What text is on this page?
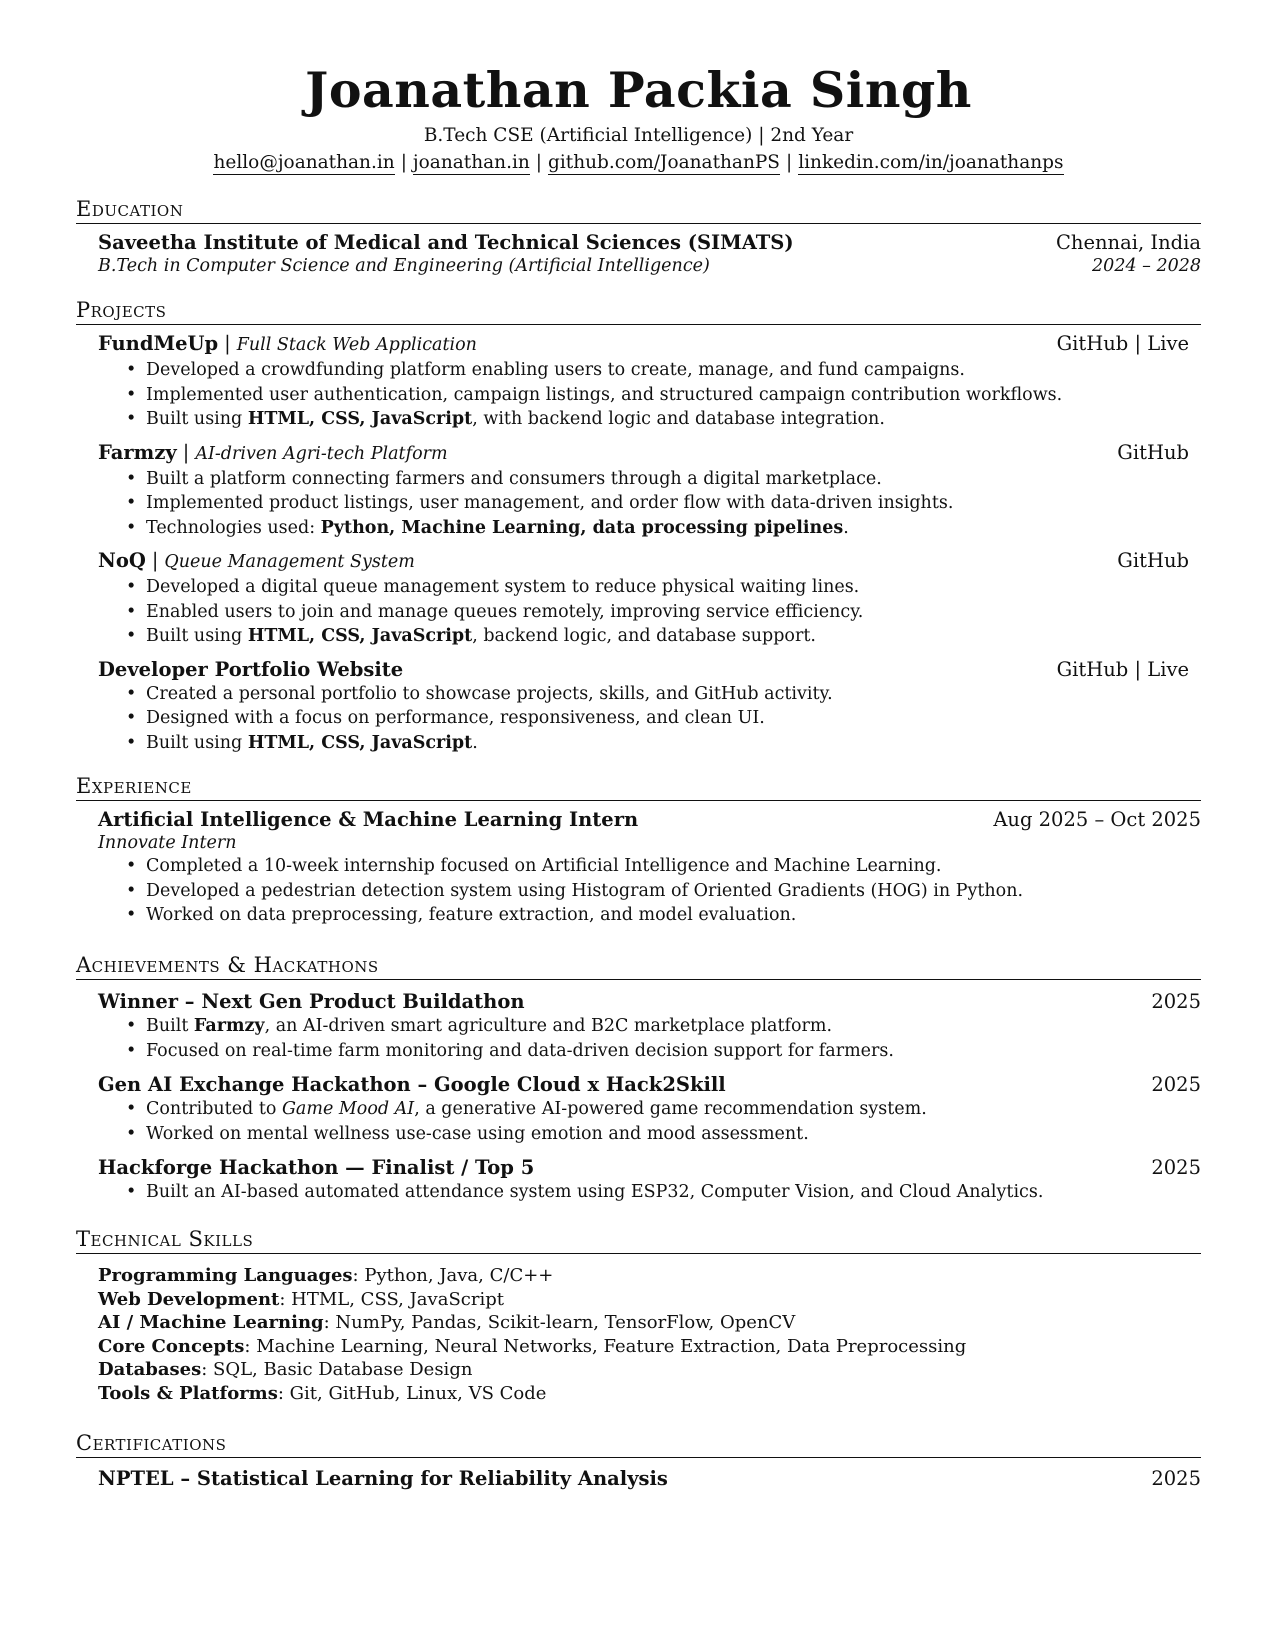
Joanathan Packia Singh
B.Tech CSE (Artificial Intelligence) | 2nd Year
hello@joanathan.in | joanathan.in | github.com/JoanathanPS | linkedin.com/in/joanathanps
Education
Saveetha Institute of Medical and Technical Sciences (SIMATS)	Chennai, India
B.Tech in Computer Science and Engineering (Artificial Intelligence)	2024 – 2028
Projects
FundMeUp | Full Stack Web Application	GitHub | Live
• Developed a crowdfunding platform enabling users to create, manage, and fund campaigns.
• Implemented user authentication, campaign listings, and structured campaign contribution workflows.
• Built using HTML, CSS, JavaScript, with backend logic and database integration.
Farmzy | AI-driven Agri-tech Platform	GitHub
• Built a platform connecting farmers and consumers through a digital marketplace.
• Implemented product listings, user management, and order flow with data-driven insights.
• Technologies used: Python, Machine Learning, data processing pipelines.
NoQ | Queue Management System	GitHub
• Developed a digital queue management system to reduce physical waiting lines.
• Enabled users to join and manage queues remotely, improving service efficiency.
• Built using HTML, CSS, JavaScript, backend logic, and database support.
Developer Portfolio Website	GitHub | Live
• Created a personal portfolio to showcase projects, skills, and GitHub activity.
• Designed with a focus on performance, responsiveness, and clean UI.
• Built using HTML, CSS, JavaScript.
Experience
Artificial Intelligence & Machine Learning Intern	Aug 2025 – Oct 2025
Innovate Intern
• Completed a 10-week internship focused on Artificial Intelligence and Machine Learning.
• Developed a pedestrian detection system using Histogram of Oriented Gradients (HOG) in Python.
• Worked on data preprocessing, feature extraction, and model evaluation.
Achievements & Hackathons
Winner – Next Gen Product Buildathon	2025
• Built Farmzy, an AI-driven smart agriculture and B2C marketplace platform.
• Focused on real-time farm monitoring and data-driven decision support for farmers.
Gen AI Exchange Hackathon – Google Cloud x Hack2Skill	2025
• Contributed to Game Mood AI, a generative AI-powered game recommendation system.
• Worked on mental wellness use-case using emotion and mood assessment.
Hackforge Hackathon — Finalist / Top 5	2025
• Built an AI-based automated attendance system using ESP32, Computer Vision, and Cloud Analytics.
Technical Skills
Programming Languages: Python, Java, C/C++
Web Development: HTML, CSS, JavaScript
AI / Machine Learning: NumPy, Pandas, Scikit-learn, TensorFlow, OpenCV
Core Concepts: Machine Learning, Neural Networks, Feature Extraction, Data Preprocessing
Databases: SQL, Basic Database Design
Tools & Platforms: Git, GitHub, Linux, VS Code
Certifications
NPTEL – Statistical Learning for Reliability Analysis	2025
